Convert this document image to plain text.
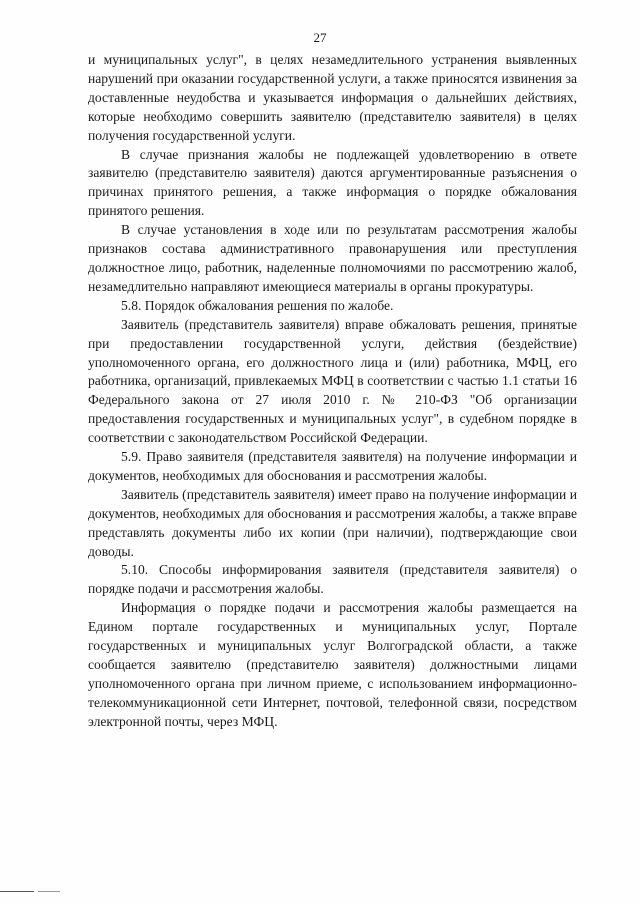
27

и муниципальных услуг", в целях незамедлительного устранения выявленных нарушений при оказании государственной услуги, а также приносятся извинения за доставленные неудобства и указывается информация о дальнейших действиях, которые необходимо совершить заявителю (представителю заявителя) в целях получения государственной услуги.

В случае признания жалобы не подлежащей удовлетворению в ответе заявителю (представителю заявителя) даются аргументированные разъяснения о причинах принятого решения, а также информация о порядке обжалования принятого решения.

В случае установления в ходе или по результатам рассмотрения жалобы признаков состава административного правонарушения или преступления должностное лицо, работник, наделенные полномочиями по рассмотрению жалоб, незамедлительно направляют имеющиеся материалы в органы прокуратуры.

5.8. Порядок обжалования решения по жалобе.

Заявитель (представитель заявителя) вправе обжаловать решения, принятые при предоставлении государственной услуги, действия (бездействие) уполномоченного органа, его должностного лица и (или) работника, МФЦ, его работника, организаций, привлекаемых МФЦ в соответствии с частью 1.1 статьи 16 Федерального закона от 27 июля 2010 г. № 210-ФЗ "Об организации предоставления государственных и муниципальных услуг", в судебном порядке в соответствии с законодательством Российской Федерации.

5.9. Право заявителя (представителя заявителя) на получение информации и документов, необходимых для обоснования и рассмотрения жалобы.

Заявитель (представитель заявителя) имеет право на получение информации и документов, необходимых для обоснования и рассмотрения жалобы, а также вправе представлять документы либо их копии (при наличии), подтверждающие свои доводы.

5.10. Способы информирования заявителя (представителя заявителя) о порядке подачи и рассмотрения жалобы.

Информация о порядке подачи и рассмотрения жалобы размещается на Едином портале государственных и муниципальных услуг, Портале государственных и муниципальных услуг Волгоградской области, а также сообщается заявителю (представителю заявителя) должностными лицами уполномоченного органа при личном приеме, с использованием информационно-телекоммуникационной сети Интернет, почтовой, телефонной связи, посредством электронной почты, через МФЦ.
